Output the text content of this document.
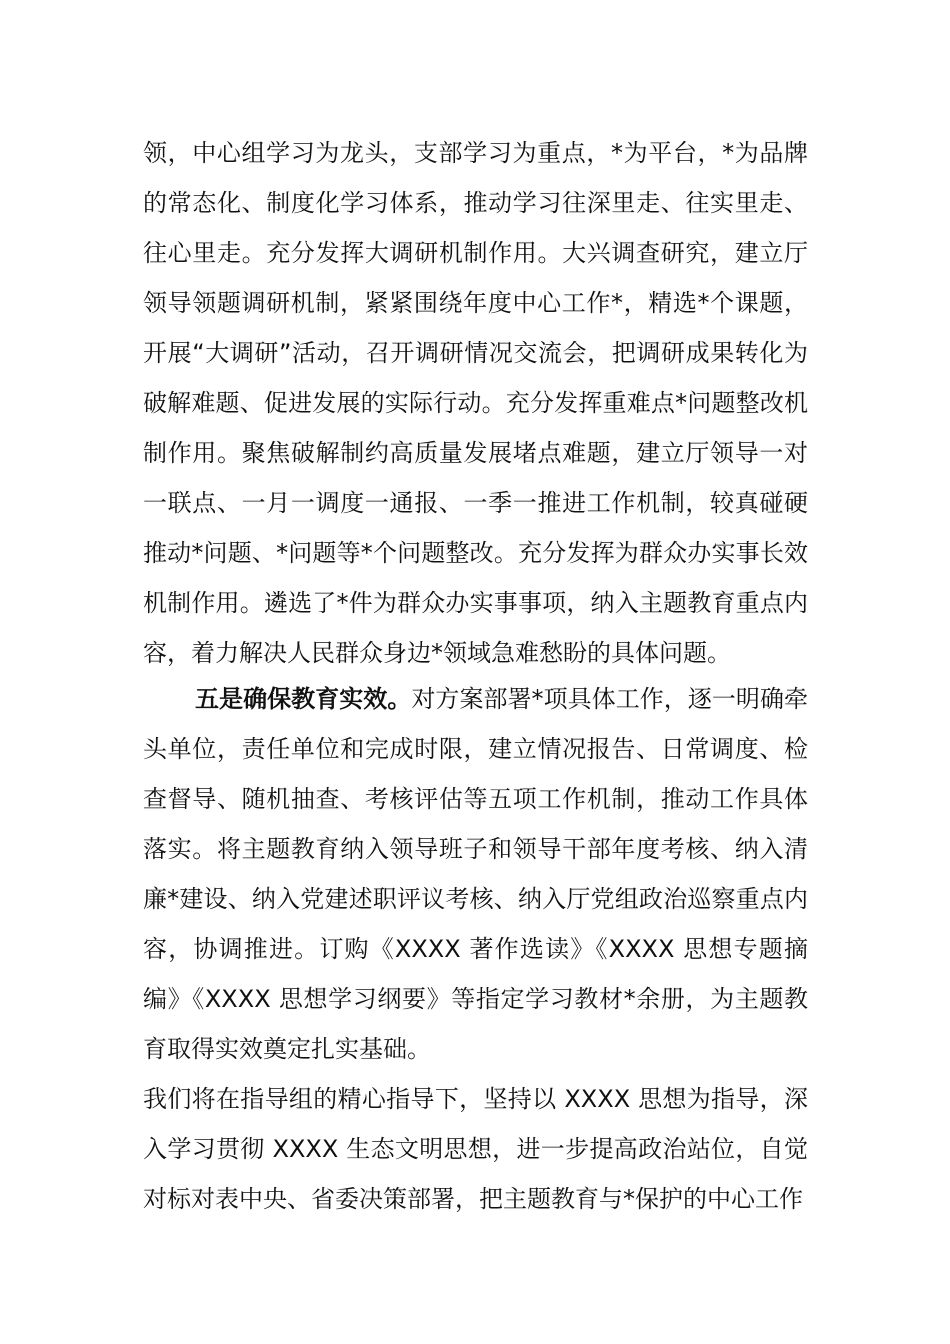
领，中心组学习为龙头，支部学习为重点，*为平台，*为品牌的常态化、制度化学习体系，推动学习往深里走、往实里走、往心里走。充分发挥大调研机制作用。大兴调查研究，建立厅领导领题调研机制，紧紧围绕年度中心工作*，精选*个课题，开展“大调研”活动，召开调研情况交流会，把调研成果转化为破解难题、促进发展的实际行动。充分发挥重难点*问题整改机制作用。聚焦破解制约高质量发展堵点难题，建立厅领导一对一联点、一月一调度一通报、一季一推进工作机制，较真碰硬推动*问题、*问题等*个问题整改。充分发挥为群众办实事长效机制作用。遴选了*件为群众办实事事项，纳入主题教育重点内容，着力解决人民群众身边*领域急难愁盼的具体问题。

五是确保教育实效。对方案部署*项具体工作，逐一明确牵头单位，责任单位和完成时限，建立情况报告、日常调度、检查督导、随机抽查、考核评估等五项工作机制，推动工作具体落实。将主题教育纳入领导班子和领导干部年度考核、纳入清廉*建设、纳入党建述职评议考核、纳入厅党组政治巡察重点内容，协调推进。订购《XXXX 著作选读》《XXXX 思想专题摘编》《XXXX 思想学习纲要》等指定学习教材*余册，为主题教育取得实效奠定扎实基础。

我们将在指导组的精心指导下，坚持以 XXXX 思想为指导，深入学习贯彻 XXXX 生态文明思想，进一步提高政治站位，自觉对标对表中央、省委决策部署，把主题教育与*保护的中心工作
